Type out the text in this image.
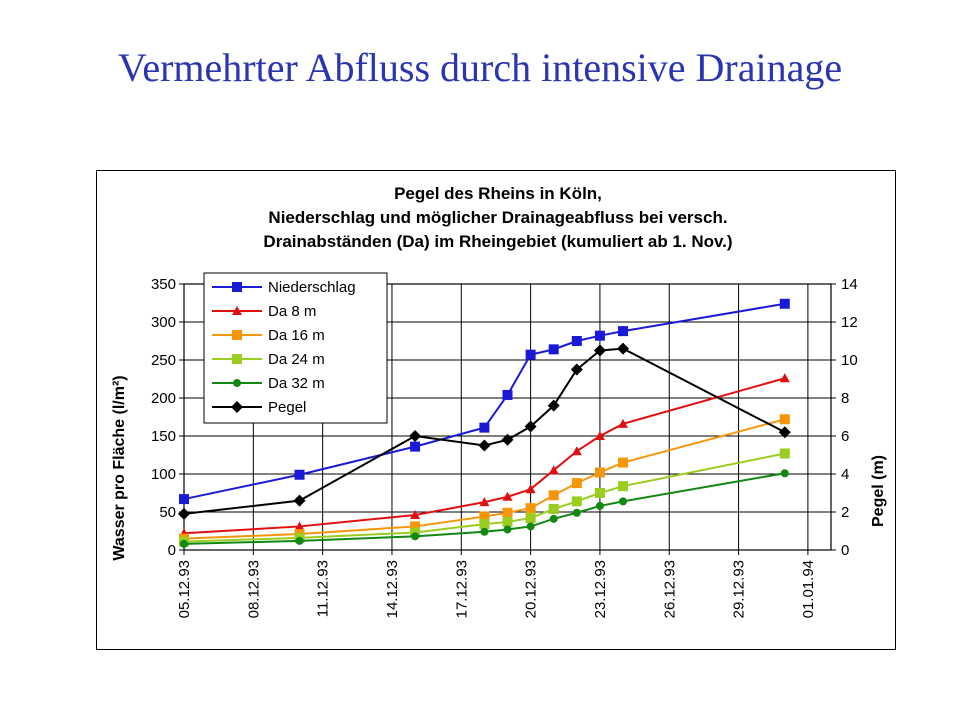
Vermehrter Abfluss durch intensive Drainage
Pegel des Rheins in Köln,
Niederschlag und möglicher Drainageabfluss bei versch.
Drainabständen (Da) im Rheingebiet (kumuliert ab 1. Nov.)
0
50
100
150
200
250
300
350
0
2
4
6
8
10
12
14
05.12.93	08.12.93	11.12.93	14.12.93	17.12.93	20.12.93	23.12.93	26.12.93	29.12.93	01.01.94
Niederschlag
Da 8 m
Da 16 m
Da 24 m
Da 32 m
Pegel
Wasser pro Fläche (l/m²)	Pegel (m)
